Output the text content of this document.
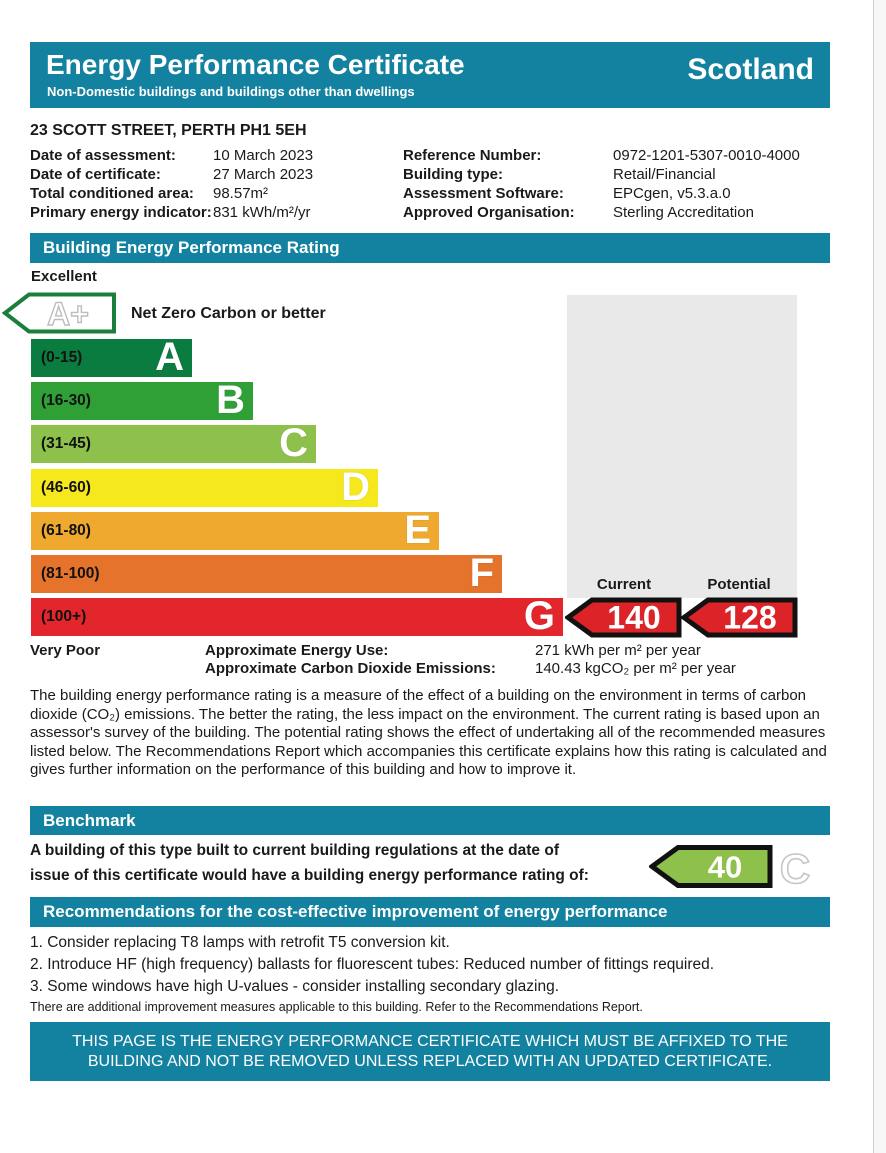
Energy Performance Certificate
Non-Domestic buildings and buildings other than dwellings
Scotland
23 SCOTT STREET, PERTH PH1 5EH
Date of assessment: 10 March 2023
Date of certificate:	27 March 2023
Total conditioned area: 98.57m²
Primary energy indicator:831 kWh/m²/yr
Reference Number:	0972-1201-5307-0010-4000
Building type:	Retail/Financial
Assessment Software:	EPCgen, v5.3.a.0
Approved Organisation:	Sterling Accreditation
Building Energy Performance Rating
Excellent
Very Poor
A+	Net Zero Carbon or better
(0-15) A
(16-30)	B
(31-45)	C
(46-60)	D
(61-80)	E
(81-100)	F
(100+)	G
Current	Potential
140 128
Approximate Energy Use:	271 kWh per m² per year
Approximate Carbon Dioxide Emissions:	140.43 kgCO₂ per m² per year
The building energy performance rating is a measure of the effect of a building on the environment in terms of carbon dioxide (CO₂) emissions. The better the rating, the less impact on the environment. The current rating is based upon an assessor's survey of the building. The potential rating shows the effect of undertaking all of the recommended measures listed below. The Recommendations Report which accompanies this certificate explains how this rating is calculated and gives further information on the performance of this building and how to improve it.
Benchmark
A building of this type built to current building regulations at the date of
issue of this certificate would have a building energy performance rating of:	40 C
Recommendations for the cost-effective improvement of energy performance
1. Consider replacing T8 lamps with retrofit T5 conversion kit.
2. Introduce HF (high frequency) ballasts for fluorescent tubes: Reduced number of fittings required.
3. Some windows have high U-values - consider installing secondary glazing.
There are additional improvement measures applicable to this building. Refer to the Recommendations Report.
THIS PAGE IS THE ENERGY PERFORMANCE CERTIFICATE WHICH MUST BE AFFIXED TO THE BUILDING AND NOT BE REMOVED UNLESS REPLACED WITH AN UPDATED CERTIFICATE.
